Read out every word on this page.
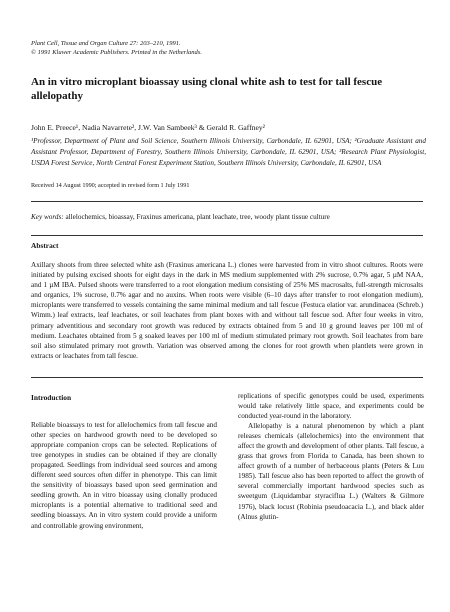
Plant Cell, Tissue and Organ Culture 27: 203–210, 1991.
© 1991 Kluwer Academic Publishers. Printed in the Netherlands.
An in vitro microplant bioassay using clonal white ash to test for tall fescue allelopathy
John E. Preece¹, Nadia Navarrete², J.W. Van Sambeek³ & Gerald R. Gaffney²
¹Professor, Department of Plant and Soil Science, Southern Illinois University, Carbondale, IL 62901, USA; ²Graduate Assistant and Assistant Professor, Department of Forestry, Southern Illinois University, Carbondale, IL 62901, USA; ³Research Plant Physiologist, USDA Forest Service, North Central Forest Experiment Station, Southern Illinois University, Carbondale, IL 62901, USA
Received 14 August 1990; accepted in revised form 1 July 1991
Key words: allelochemics, bioassay, Fraxinus americana, plant leachate, tree, woody plant tissue culture
Abstract

Axillary shoots from three selected white ash (Fraxinus americana L.) clones were harvested from in vitro shoot cultures. Roots were initiated by pulsing excised shoots for eight days in the dark in MS medium supplemented with 2% sucrose, 0.7% agar, 5 µM NAA, and 1 µM IBA. Pulsed shoots were transferred to a root elongation medium consisting of 25% MS macrosalts, full-strength microsalts and organics, 1% sucrose, 0.7% agar and no auxins. When roots were visible (6–10 days after transfer to root elongation medium), microplants were transferred to vessels containing the same minimal medium and tall fescue (Festuca elatior var. arundinacea (Schreb.) Wimm.) leaf extracts, leaf leachates, or soil leachates from plant boxes with and without tall fescue sod. After four weeks in vitro, primary adventitious and secondary root growth was reduced by extracts obtained from 5 and 10 g ground leaves per 100 ml of medium. Leachates obtained from 5 g soaked leaves per 100 ml of medium stimulated primary root growth. Soil leachates from bare soil also stimulated primary root growth. Variation was observed among the clones for root growth when plantlets were grown in extracts or leachates from tall fescue.

Introduction

Reliable bioassays to test for allelochemics from tall fescue and other species on hardwood growth need to be developed so appropriate companion crops can be selected. Replications of tree genotypes in studies can be obtained if they are clonally propagated. Seedlings from individual seed sources and among different seed sources often differ in phenotype. This can limit the sensitivity of bioassays based upon seed germination and seedling growth. An in vitro bioassay using clonally produced microplants is a potential alternative to traditional seed and seedling bioassays. An in vitro system could provide a uniform and controllable growing environment,

replications of specific genotypes could be used, experiments would take relatively little space, and experiments could be conducted year-round in the laboratory.

Allelopathy is a natural phenomenon by which a plant releases chemicals (allelochemics) into the environment that affect the growth and development of other plants. Tall fescue, a grass that grows from Florida to Canada, has been shown to affect growth of a number of herbaceous plants (Peters & Luu 1985). Tall fescue also has been reported to affect the growth of several commercially important hardwood species such as sweetgum (Liquidambar styraciflua L.) (Walters & Gilmore 1976), black locust (Robinia pseudoacacia L.), and black alder (Alnus glutin-
